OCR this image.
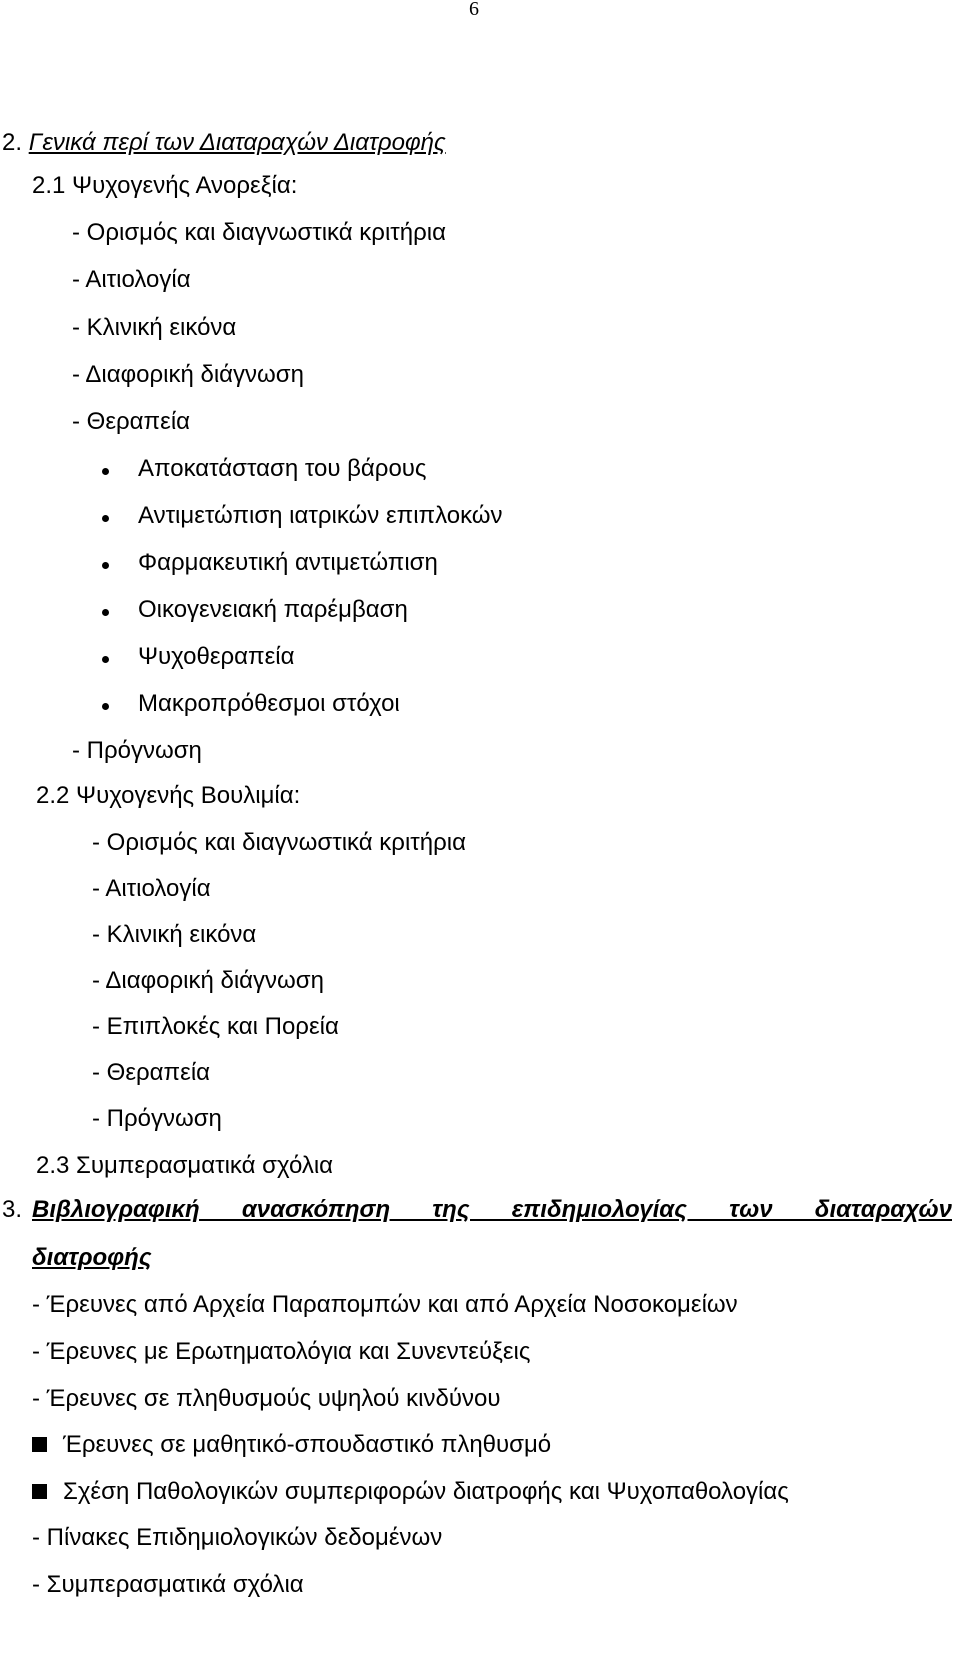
6
2. Γενικά περί των Διαταραχών Διατροφής
2.1 Ψυχογενής Ανορεξία:
- Ορισμός και διαγνωστικά κριτήρια
- Αιτιολογία
- Κλινική εικόνα
- Διαφορική διάγνωση
- Θεραπεία
Αποκατάσταση του βάρους
Αντιμετώπιση ιατρικών επιπλοκών
Φαρμακευτική αντιμετώπιση
Οικογενειακή παρέμβαση
Ψυχοθεραπεία
Μακροπρόθεσμοι στόχοι
- Πρόγνωση
2.2 Ψυχογενής Βουλιμία:
- Ορισμός και διαγνωστικά κριτήρια
- Αιτιολογία
- Κλινική εικόνα
- Διαφορική διάγνωση
- Επιπλοκές και Πορεία
- Θεραπεία
- Πρόγνωση
2.3 Συμπερασματικά σχόλια
3. Βιβλιογραφική ανασκόπηση της επιδημιολογίας των διαταραχών
διατροφής
- Έρευνες από Αρχεία Παραπομπών και από Αρχεία Νοσοκομείων
- Έρευνες με Ερωτηματολόγια και Συνεντεύξεις
- Έρευνες σε πληθυσμούς υψηλού κινδύνου
Έρευνες σε μαθητικό-σπουδαστικό πληθυσμό
Σχέση Παθολογικών συμπεριφορών διατροφής και Ψυχοπαθολογίας
- Πίνακες Επιδημιολογικών δεδομένων
- Συμπερασματικά σχόλια
